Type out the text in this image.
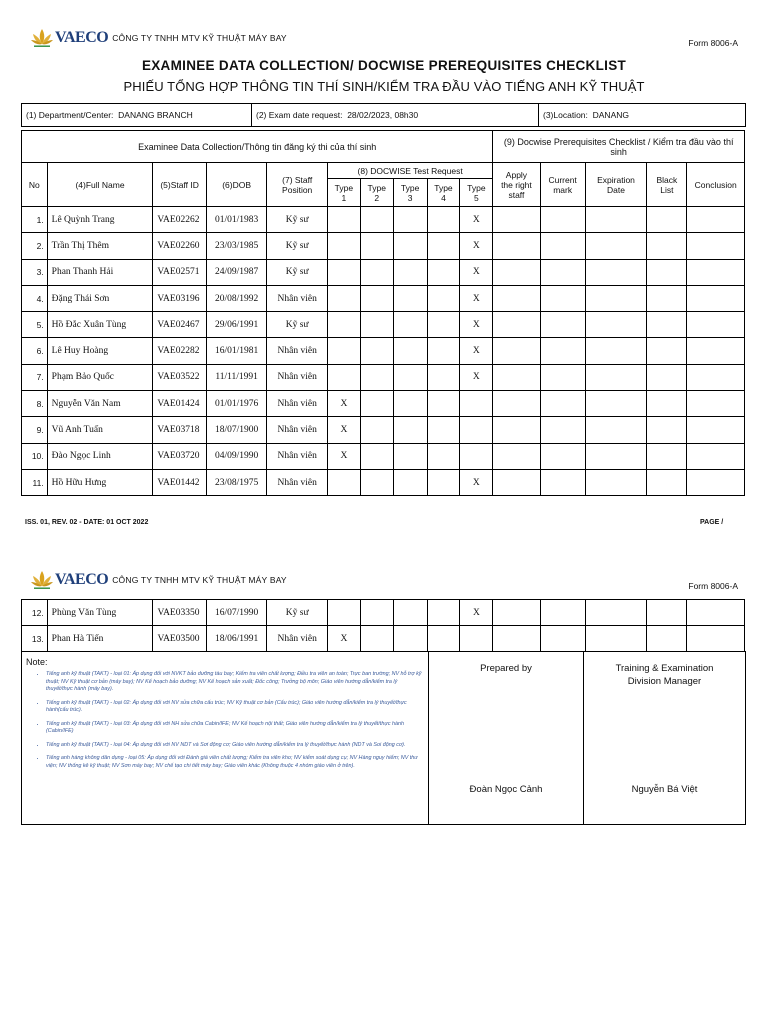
VAECO CÔNG TY TNHH MTV KỸ THUẬT MÁY BAY	Form 8006-A
EXAMINEE DATA COLLECTION/ DOCWISE PREREQUISITES CHECKLIST
PHIẾU TỔNG HỢP THÔNG TIN THÍ SINH/KIỂM TRA ĐẦU VÀO TIẾNG ANH KỸ THUẬT
(1) Department/Center: DANANG BRANCH	(2) Exam date request: 28/02/2023, 08h30	(3)Location: DANANG
Examinee Data Collection/Thông tin đăng ký thi của thí sinh										(9) Docwise Prerequisites Checklist / Kiểm tra đầu vào thí sinh				
No	(4)Full Name	(5)Staff ID	(6)DOB	(7) Staff Position	(8) DOCWISE Test Request					Apply the right staff	Current mark	Expiration Date	Black List	Conclusion
					Type 1	Type 2	Type 3	Type 4	Type 5					
1.	Lê Quỳnh Trang	VAE02262	01/01/1983	Kỹ sư					X					
2.	Trần Thị Thêm	VAE02260	23/03/1985	Kỹ sư					X					
3.	Phan Thanh Hải	VAE02571	24/09/1987	Kỹ sư					X					
4.	Đặng Thái Sơn	VAE03196	20/08/1992	Nhân viên					X					
5.	Hồ Đắc Xuân Tùng	VAE02467	29/06/1991	Kỹ sư					X					
6.	Lê Huy Hoàng	VAE02282	16/01/1981	Nhân viên					X					
7.	Phạm Bảo Quốc	VAE03522	11/11/1991	Nhân viên					X					
8.	Nguyễn Văn Nam	VAE01424	01/01/1976	Nhân viên	X									
9.	Vũ Anh Tuấn	VAE03718	18/07/1900	Nhân viên	X									
10.	Đào Ngọc Linh	VAE03720	04/09/1990	Nhân viên	X									
11.	Hồ Hữu Hưng	VAE01442	23/08/1975	Nhân viên					X					
ISS. 01, REV. 02 - DATE: 01 OCT 2022	PAGE /
VAECO CÔNG TY TNHH MTV KỸ THUẬT MÁY BAY
Form 8006-A
12.	Phùng Văn Tùng	VAE03350	16/07/1990	Kỹ sư					X					
13.	Phan Hà Tiến	VAE03500	18/06/1991	Nhân viên	X									
Note:
• Tiếng anh kỹ thuật (TAKT) - loại 01: Áp dụng đối với NVKT bảo dưỡng tàu bay; Kiểm tra viên chất lượng; Điều tra viên an toàn; Trực ban trường; NV hỗ trợ kỹ thuật; NV Kỹ thuật cơ bản (máy bay); NV Kế hoạch bảo dưỡng; NV Kế hoạch sản xuất; Đốc công; Trưởng bộ môn; Giáo viên hướng dẫn/kiểm tra lý thuyết/thực hành (máy bay).
• Tiếng anh kỹ thuật (TAKT) - loại 02: Áp dụng đối với NV sửa chữa cấu trúc; NV Kỹ thuật cơ bản (Cấu trúc); Giáo viên hướng dẫn/kiểm tra lý thuyết/thực hành(cấu trúc).
• Tiếng anh kỹ thuật (TAKT) - loại 03: Áp dụng đối với NH sửa chữa Cabin/IFE; NV Kế hoạch nội thất; Giáo viên hướng dẫn/kiểm tra lý thuyết/thực hành (Cabin/IFE)
• Tiếng anh kỹ thuật (TAKT) - loại 04: Áp dụng đối với NV NDT và Sơi động cơ; Giáo viên hướng dẫn/kiểm tra lý thuyết/thực hành (NDT và Soi động cơ).
• Tiếng anh hàng không dân dụng - loại 05: Áp dụng đối với Đánh giá viên chất lượng; Kiểm tra viên kho; NV kiểm soát dụng cụ; NV Hàng nguy hiểm; NV thư viện; NV thống kê kỹ thuật; NV Sơn máy bay; NV chế tạo chi tiết máy bay; Giáo viên khác (Không thuộc 4 nhóm giáo viên ở trên).

Prepared by
Đoàn Ngọc Cảnh

Training & Examination Division Manager
Nguyễn Bá Việt
